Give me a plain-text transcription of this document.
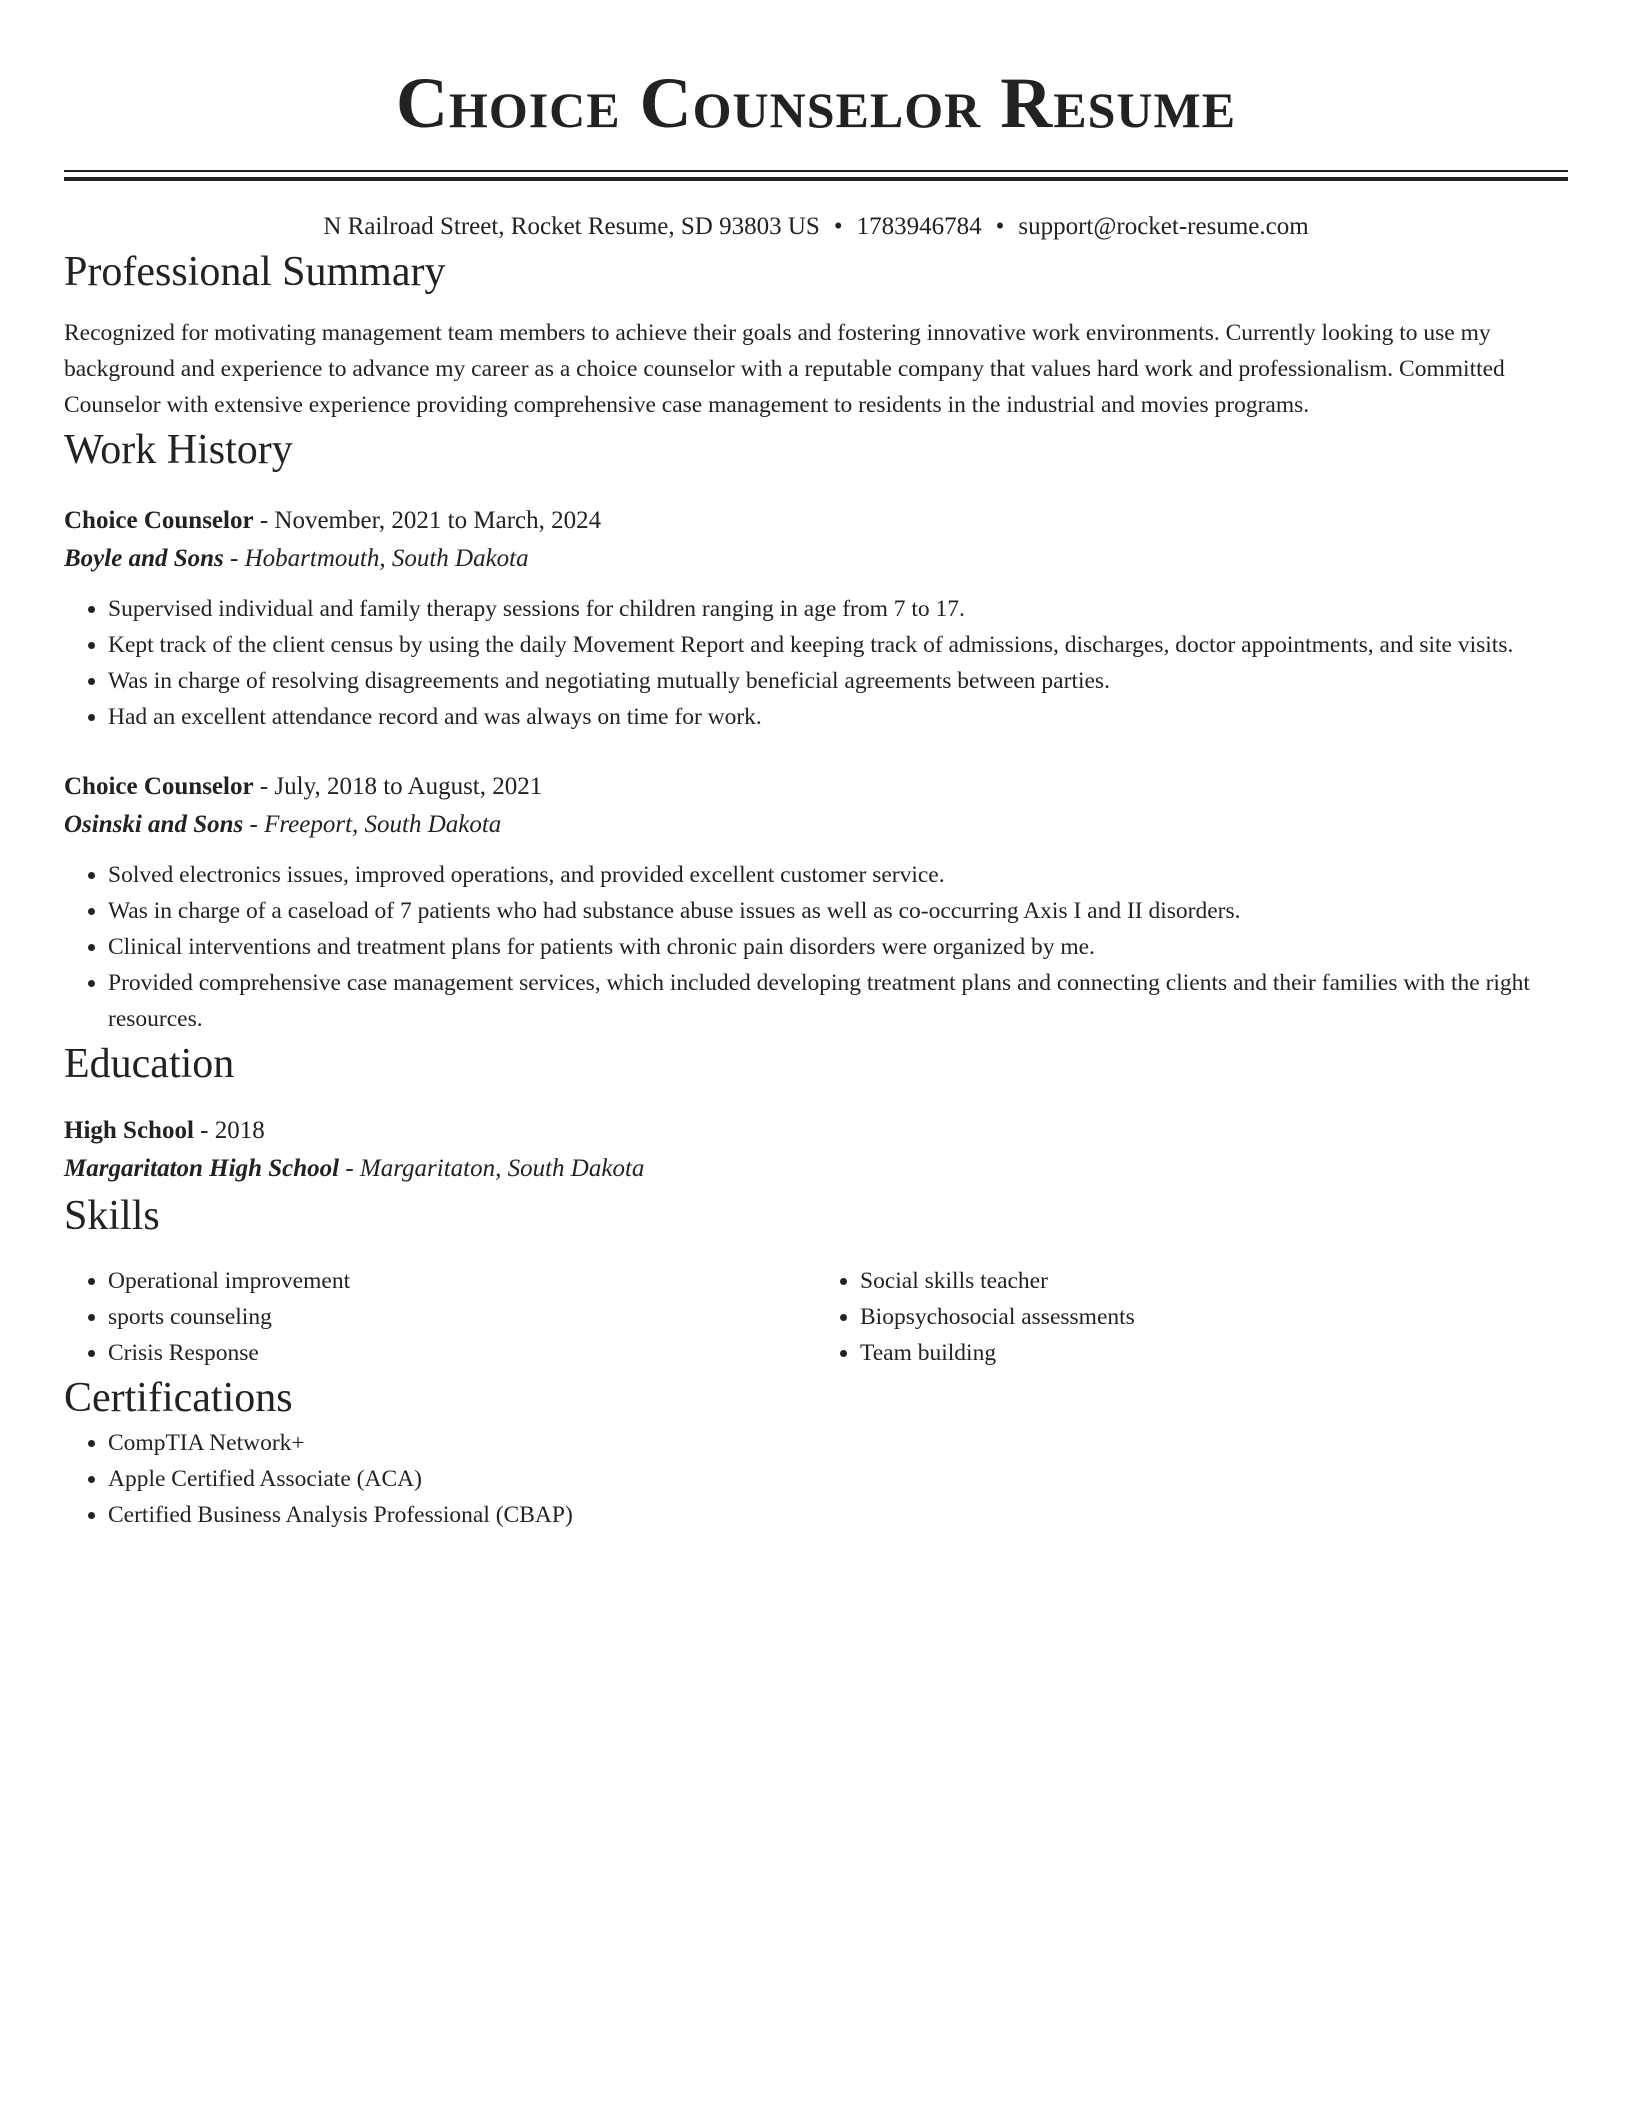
Choice Counselor Resume
N Railroad Street, Rocket Resume, SD 93803 US • 1783946784 • support@rocket-resume.com
Professional Summary

Recognized for motivating management team members to achieve their goals and fostering innovative work environments. Currently looking to use my background and experience to advance my career as a choice counselor with a reputable company that values hard work and professionalism. Committed Counselor with extensive experience providing comprehensive case management to residents in the industrial and movies programs.

Work History
Choice Counselor - November, 2021 to March, 2024
Boyle and Sons - Hobartmouth, South Dakota
• Supervised individual and family therapy sessions for children ranging in age from 7 to 17.
• Kept track of the client census by using the daily Movement Report and keeping track of admissions, discharges, doctor appointments, and site visits.
• Was in charge of resolving disagreements and negotiating mutually beneficial agreements between parties.
• Had an excellent attendance record and was always on time for work.
Choice Counselor - July, 2018 to August, 2021
Osinski and Sons - Freeport, South Dakota
• Solved electronics issues, improved operations, and provided excellent customer service.
• Was in charge of a caseload of 7 patients who had substance abuse issues as well as co-occurring Axis I and II disorders.
• Clinical interventions and treatment plans for patients with chronic pain disorders were organized by me.
• Provided comprehensive case management services, which included developing treatment plans and connecting clients and their families with the right resources.
Education
High School - 2018
Margaritaton High School - Margaritaton, South Dakota
Skills
• Operational improvement
• sports counseling
• Crisis Response
• Social skills teacher
• Biopsychosocial assessments
• Team building
Certifications
• CompTIA Network+
• Apple Certified Associate (ACA)
• Certified Business Analysis Professional (CBAP)
